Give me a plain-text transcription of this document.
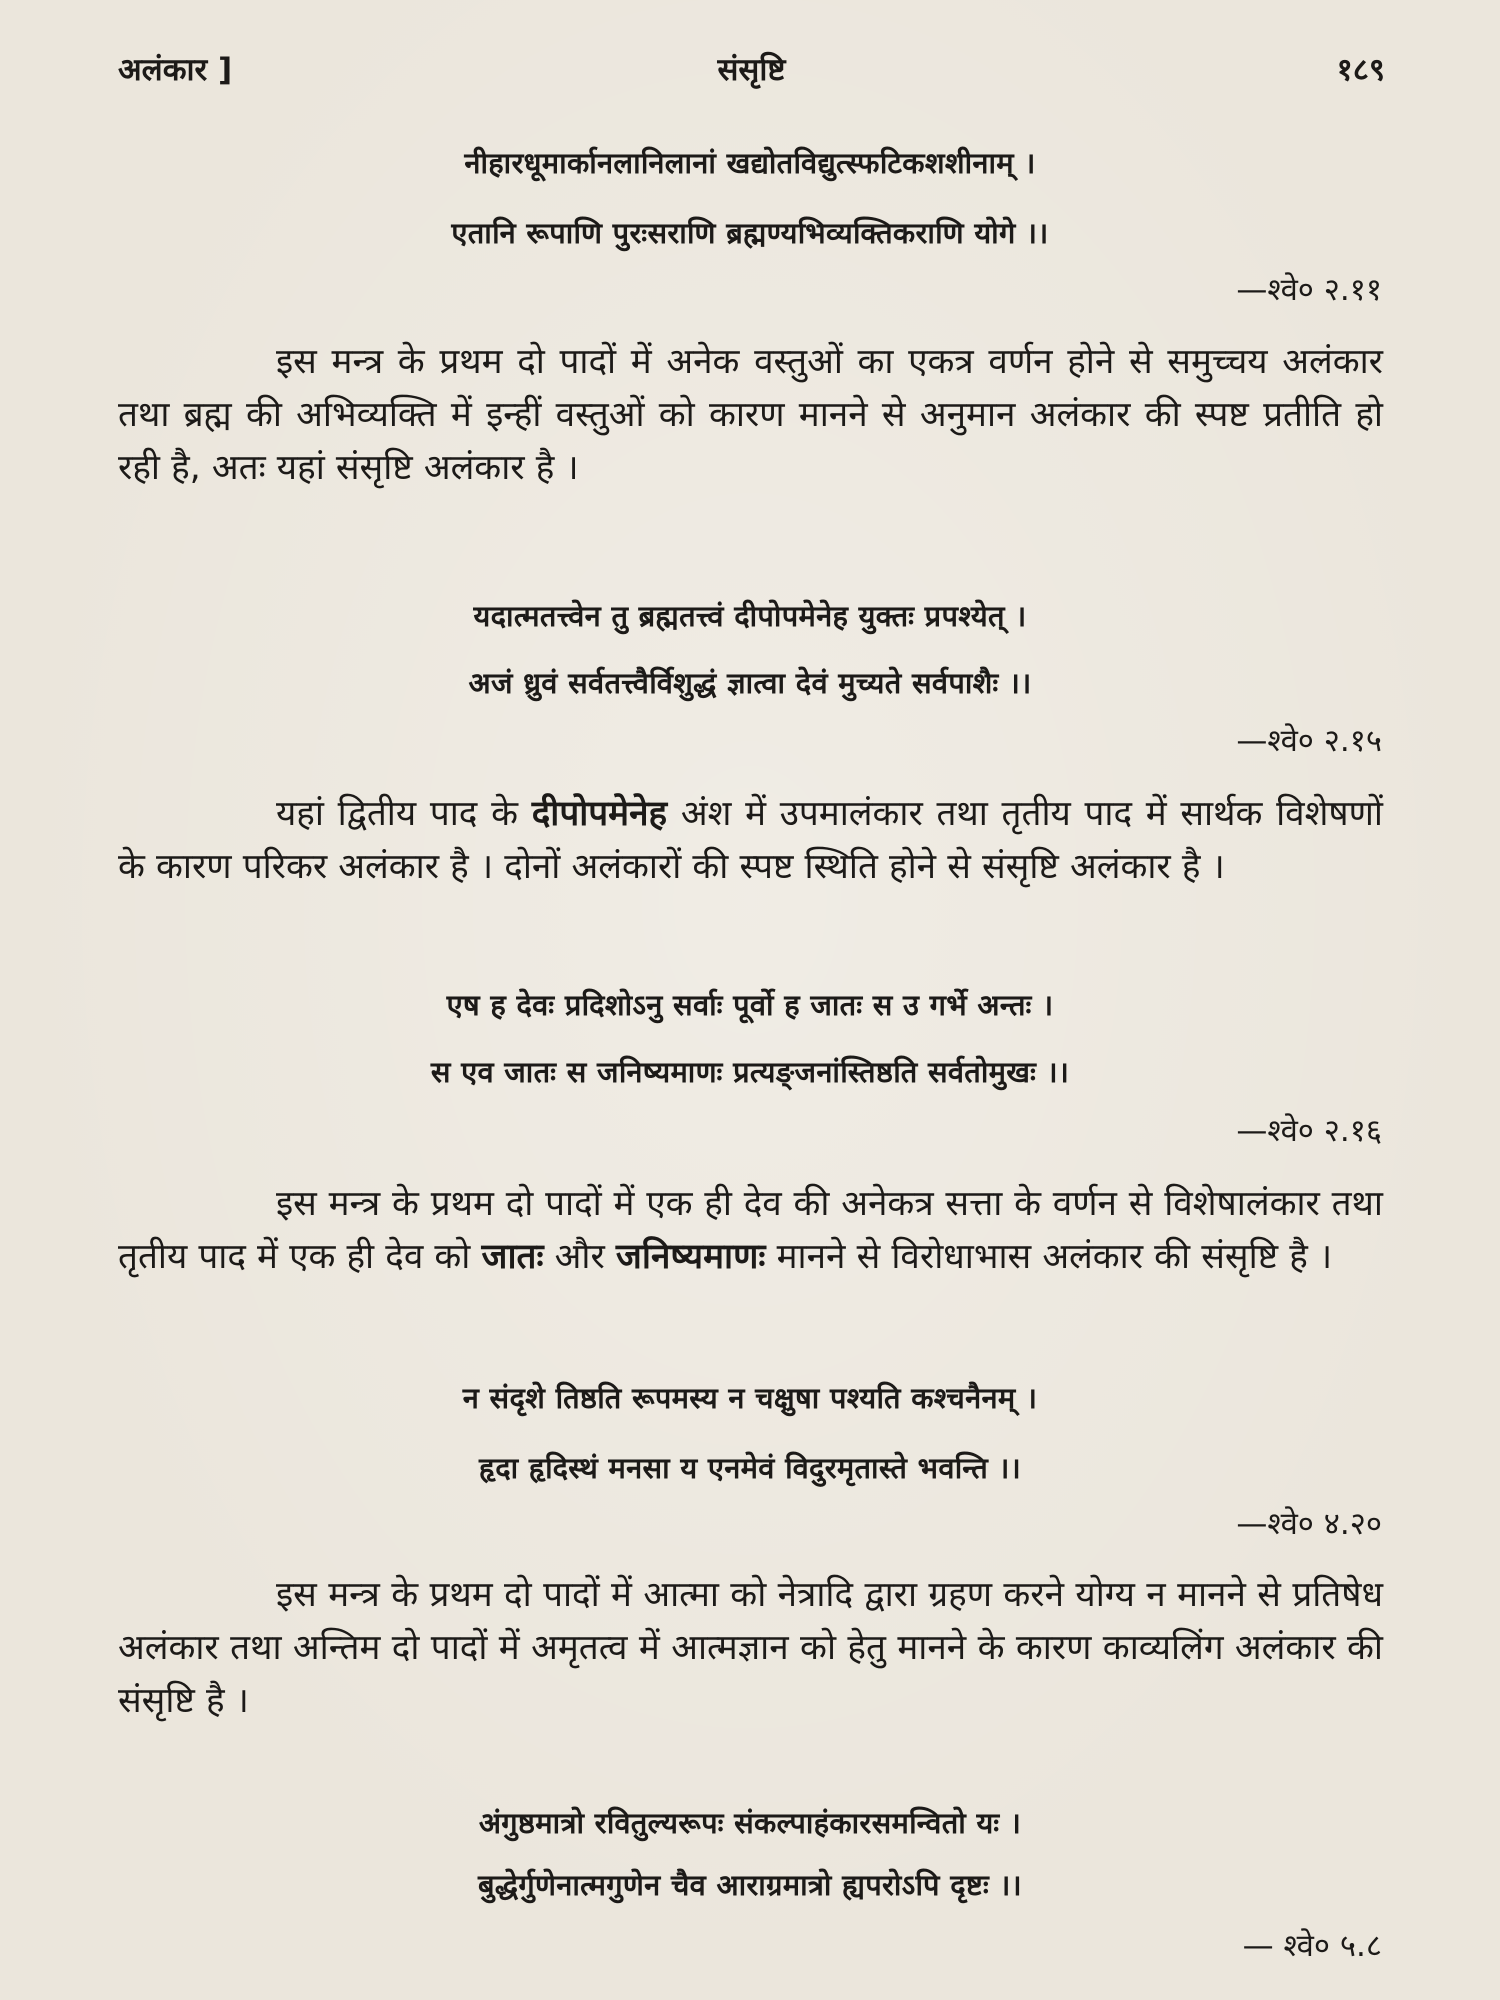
अलंकार ]	संसृष्टि	१८९
नीहारधूमार्कानलानिलानां खद्योतविद्युत्स्फटिकशशीनाम् ।
एतानि रूपाणि पुरःसराणि ब्रह्मण्यभिव्यक्तिकराणि योगे ।।
—श्वे० २.११

इस मन्त्र के प्रथम दो पादों में अनेक वस्तुओं का एकत्र वर्णन होने से समुच्चय अलंकार तथा ब्रह्म की अभिव्यक्ति में इन्हीं वस्तुओं को कारण मानने से अनुमान अलंकार की स्पष्ट प्रतीति हो रही है, अतः यहां संसृष्टि अलंकार है ।

यदात्मतत्त्वेन तु ब्रह्मतत्त्वं दीपोपमेनेह युक्तः प्रपश्येत् ।
अजं ध्रुवं सर्वतत्त्वैर्विशुद्धं ज्ञात्वा देवं मुच्यते सर्वपाशैः ।।
—श्वे० २.१५

यहां द्वितीय पाद के दीपोपमेनेह अंश में उपमालंकार तथा तृतीय पाद में सार्थक विशेषणों के कारण परिकर अलंकार है । दोनों अलंकारों की स्पष्ट स्थिति होने से संसृष्टि अलंकार है ।

एष ह देवः प्रदिशोऽनु सर्वाः पूर्वो ह जातः स उ गर्भे अन्तः ।
स एव जातः स जनिष्यमाणः प्रत्यङ्जनांस्तिष्ठति सर्वतोमुखः ।।
—श्वे० २.१६

इस मन्त्र के प्रथम दो पादों में एक ही देव की अनेकत्र सत्ता के वर्णन से विशेषालंकार तथा तृतीय पाद में एक ही देव को जातः और जनिष्यमाणः मानने से विरोधाभास अलंकार की संसृष्टि है ।

न संदृशे तिष्ठति रूपमस्य न चक्षुषा पश्यति कश्चनैनम् ।
हृदा हृदिस्थं मनसा य एनमेवं विदुरमृतास्ते भवन्ति ।।
—श्वे० ४.२०

इस मन्त्र के प्रथम दो पादों में आत्मा को नेत्रादि द्वारा ग्रहण करने योग्य न मानने से प्रतिषेध अलंकार तथा अन्तिम दो पादों में अमृतत्व में आत्मज्ञान को हेतु मानने के कारण काव्यलिंग अलंकार की संसृष्टि है ।

अंगुष्ठमात्रो रवितुल्यरूपः संकल्पाहंकारसमन्वितो यः ।
बुद्धेर्गुणेनात्मगुणेन चैव आराग्रमात्रो ह्यपरोऽपि दृष्टः ।।
— श्वे० ५.८
